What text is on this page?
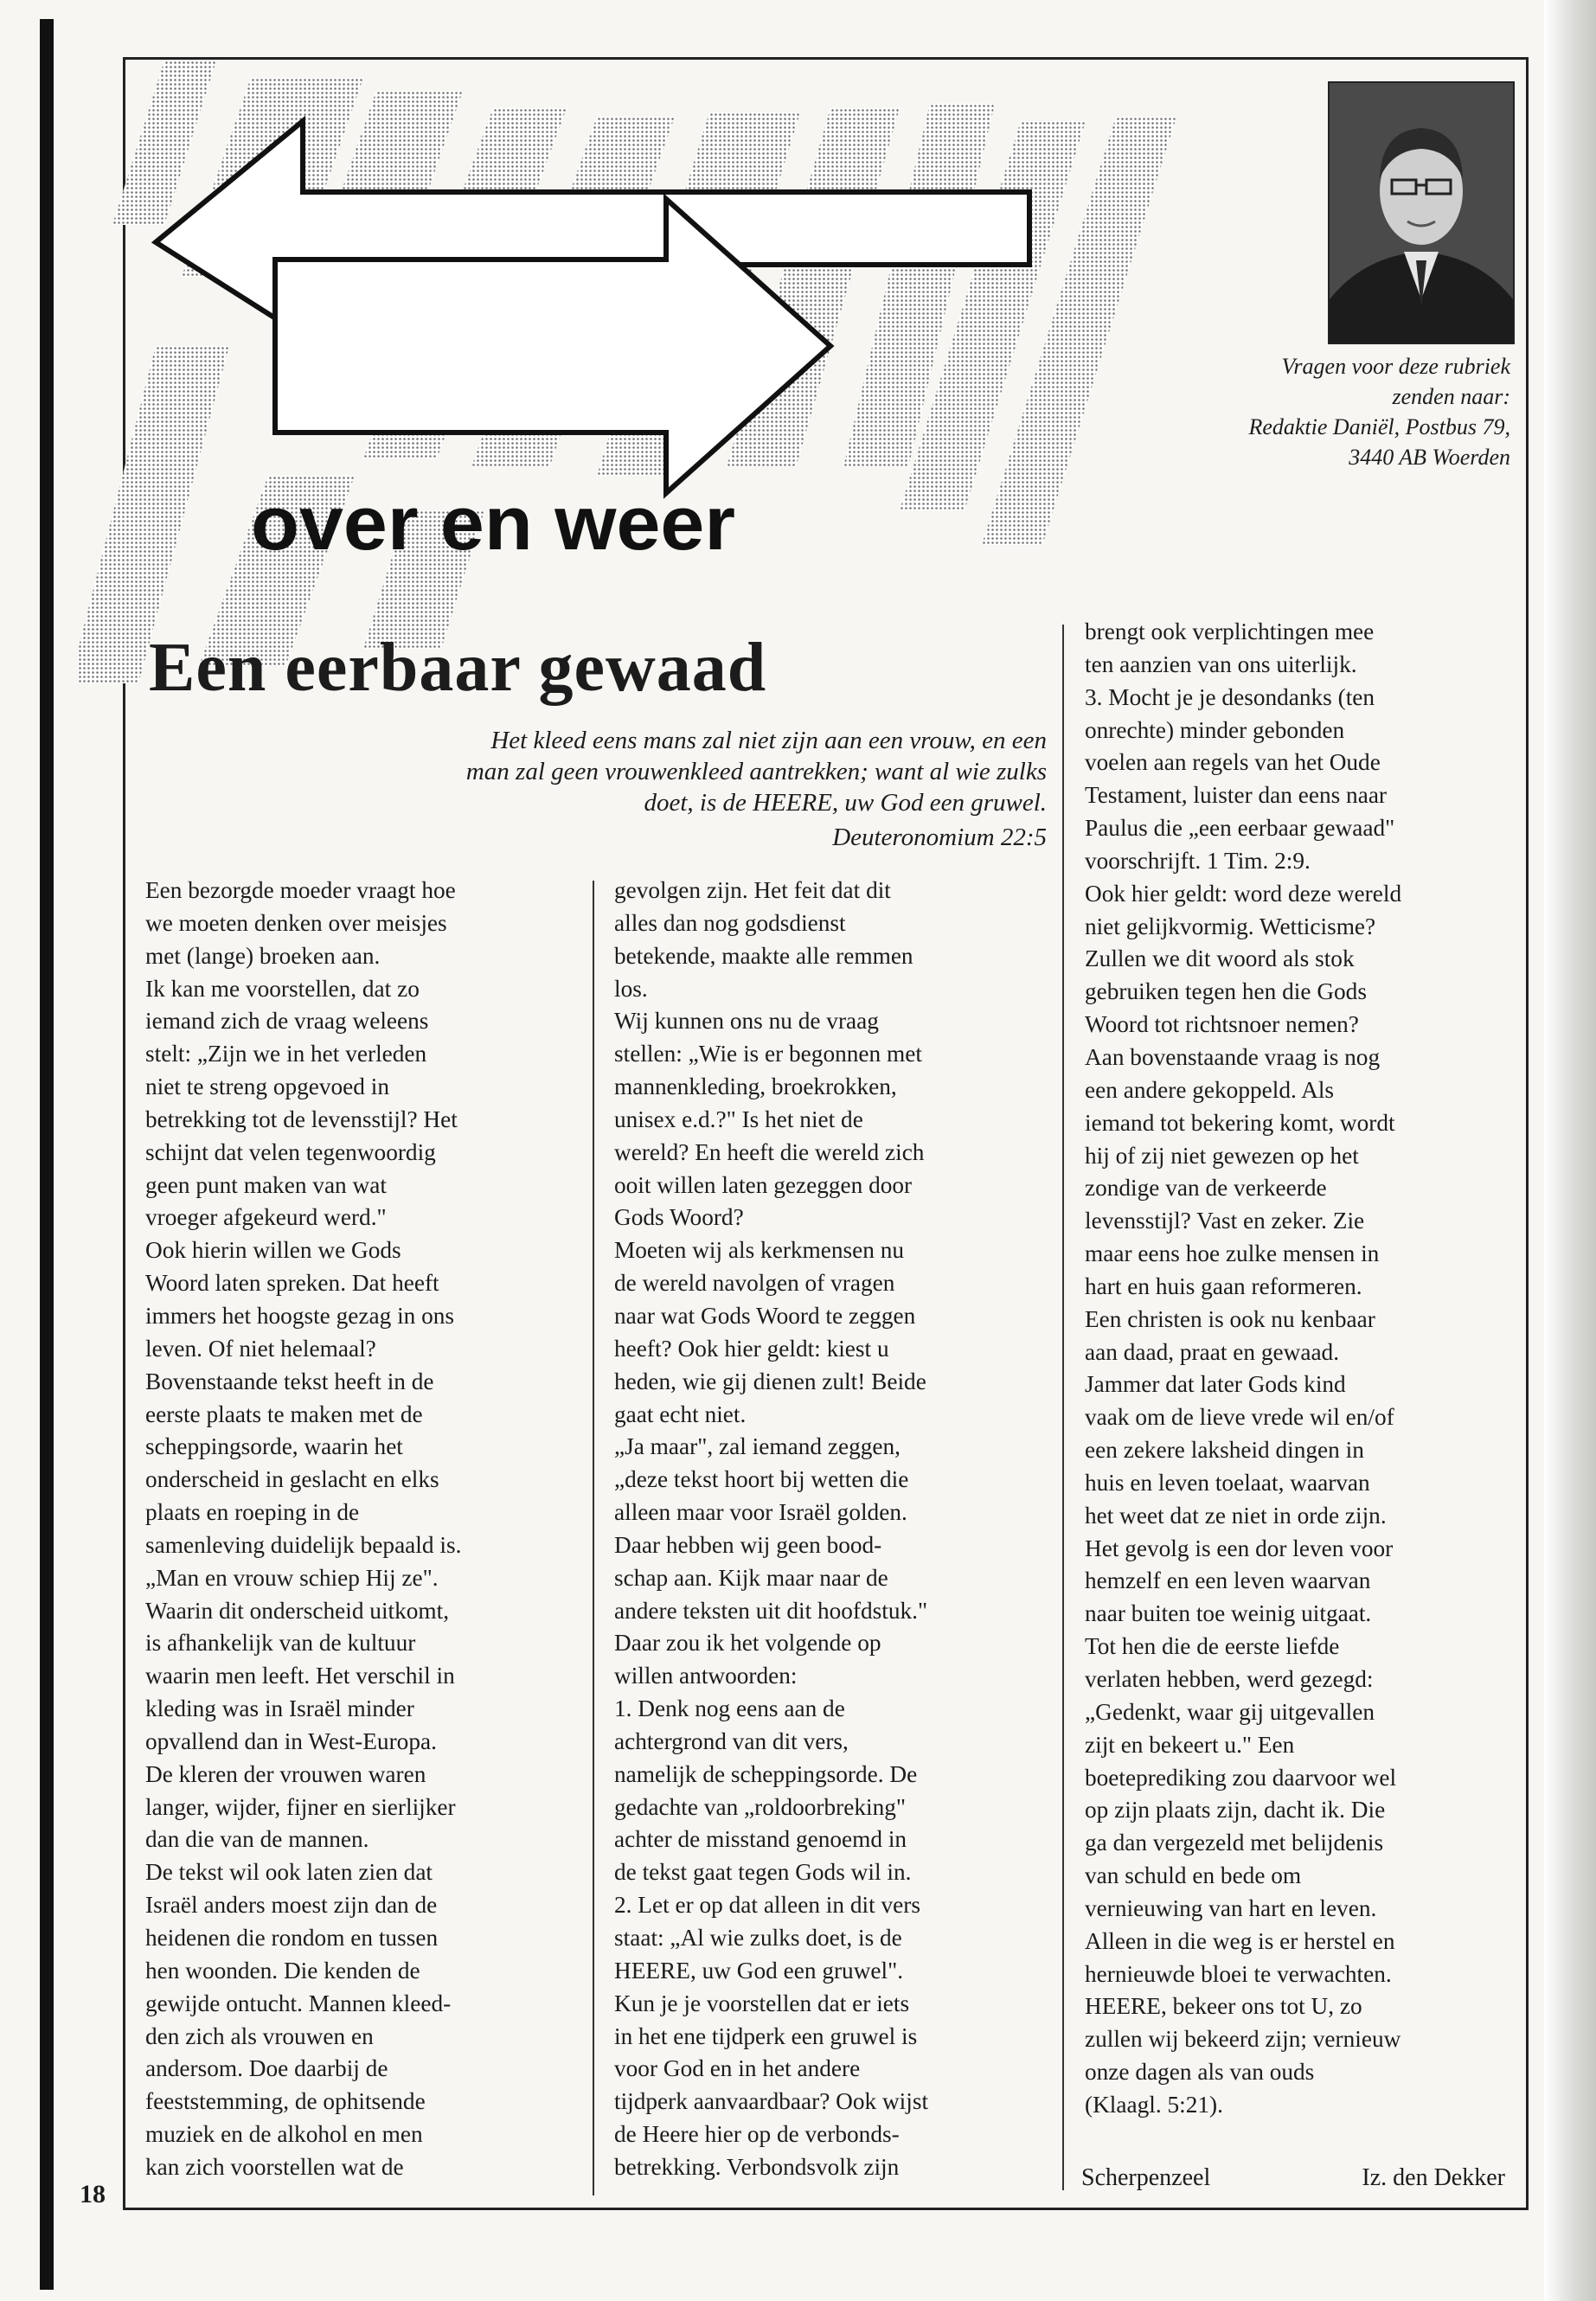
over en weer
Vragen voor deze rubriek
zenden naar:
Redaktie Daniël, Postbus 79,
3440 AB Woerden
Een eerbaar gewaad
Het kleed eens mans zal niet zijn aan een vrouw, en een
man zal geen vrouwenkleed aantrekken; want al wie zulks
doet, is de HEERE, uw God een gruwel.
Deuteronomium 22:5
Een bezorgde moeder vraagt hoe
we moeten denken over meisjes
met (lange) broeken aan.
Ik kan me voorstellen, dat zo
iemand zich de vraag weleens
stelt: „Zijn we in het verleden
niet te streng opgevoed in
betrekking tot de levensstijl? Het
schijnt dat velen tegenwoordig
geen punt maken van wat
vroeger afgekeurd werd."
Ook hierin willen we Gods
Woord laten spreken. Dat heeft
immers het hoogste gezag in ons
leven. Of niet helemaal?
Bovenstaande tekst heeft in de
eerste plaats te maken met de
scheppingsorde, waarin het
onderscheid in geslacht en elks
plaats en roeping in de
samenleving duidelijk bepaald is.
„Man en vrouw schiep Hij ze".
Waarin dit onderscheid uitkomt,
is afhankelijk van de kultuur
waarin men leeft. Het verschil in
kleding was in Israël minder
opvallend dan in West-Europa.
De kleren der vrouwen waren
langer, wijder, fijner en sierlijker
dan die van de mannen.
De tekst wil ook laten zien dat
Israël anders moest zijn dan de
heidenen die rondom en tussen
hen woonden. Die kenden de
gewijde ontucht. Mannen kleed-
den zich als vrouwen en
andersom. Doe daarbij de
feeststemming, de ophitsende
muziek en de alkohol en men
kan zich voorstellen wat de
gevolgen zijn. Het feit dat dit
alles dan nog godsdienst
betekende, maakte alle remmen
los.
Wij kunnen ons nu de vraag
stellen: „Wie is er begonnen met
mannenkleding, broekrokken,
unisex e.d.?" Is het niet de
wereld? En heeft die wereld zich
ooit willen laten gezeggen door
Gods Woord?
Moeten wij als kerkmensen nu
de wereld navolgen of vragen
naar wat Gods Woord te zeggen
heeft? Ook hier geldt: kiest u
heden, wie gij dienen zult! Beide
gaat echt niet.
„Ja maar", zal iemand zeggen,
„deze tekst hoort bij wetten die
alleen maar voor Israël golden.
Daar hebben wij geen bood-
schap aan. Kijk maar naar de
andere teksten uit dit hoofdstuk."
Daar zou ik het volgende op
willen antwoorden:
1. Denk nog eens aan de
achtergrond van dit vers,
namelijk de scheppingsorde. De
gedachte van „roldoorbreking"
achter de misstand genoemd in
de tekst gaat tegen Gods wil in.
2. Let er op dat alleen in dit vers
staat: „Al wie zulks doet, is de
HEERE, uw God een gruwel".
Kun je je voorstellen dat er iets
in het ene tijdperk een gruwel is
voor God en in het andere
tijdperk aanvaardbaar? Ook wijst
de Heere hier op de verbonds-
betrekking. Verbondsvolk zijn
brengt ook verplichtingen mee
ten aanzien van ons uiterlijk.
3. Mocht je je desondanks (ten
onrechte) minder gebonden
voelen aan regels van het Oude
Testament, luister dan eens naar
Paulus die „een eerbaar gewaad"
voorschrijft. 1 Tim. 2:9.
Ook hier geldt: word deze wereld
niet gelijkvormig. Wetticisme?
Zullen we dit woord als stok
gebruiken tegen hen die Gods
Woord tot richtsnoer nemen?
Aan bovenstaande vraag is nog
een andere gekoppeld. Als
iemand tot bekering komt, wordt
hij of zij niet gewezen op het
zondige van de verkeerde
levensstijl? Vast en zeker. Zie
maar eens hoe zulke mensen in
hart en huis gaan reformeren.
Een christen is ook nu kenbaar
aan daad, praat en gewaad.
Jammer dat later Gods kind
vaak om de lieve vrede wil en/of
een zekere laksheid dingen in
huis en leven toelaat, waarvan
het weet dat ze niet in orde zijn.
Het gevolg is een dor leven voor
hemzelf en een leven waarvan
naar buiten toe weinig uitgaat.
Tot hen die de eerste liefde
verlaten hebben, werd gezegd:
„Gedenkt, waar gij uitgevallen
zijt en bekeert u." Een
boeteprediking zou daarvoor wel
op zijn plaats zijn, dacht ik. Die
ga dan vergezeld met belijdenis
van schuld en bede om
vernieuwing van hart en leven.
Alleen in die weg is er herstel en
hernieuwde bloei te verwachten.
HEERE, bekeer ons tot U, zo
zullen wij bekeerd zijn; vernieuw
onze dagen als van ouds
(Klaagl. 5:21).
Scherpenzeel	Iz. den Dekker
18
